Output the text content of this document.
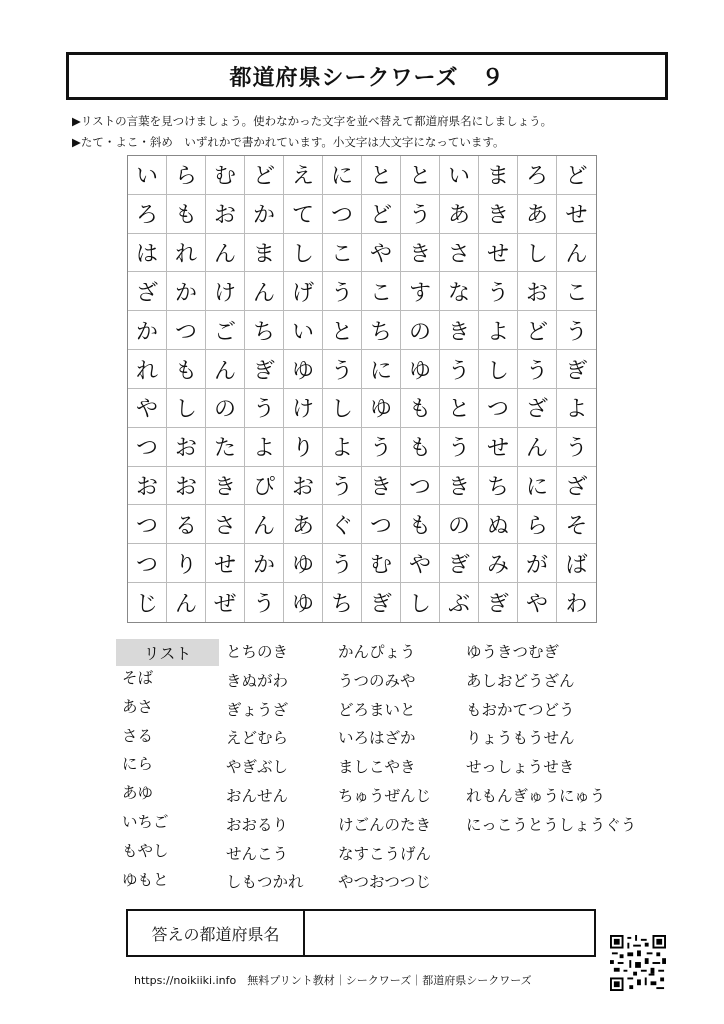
都道府県シークワーズ　９
▶リストの言葉を見つけましょう。使わなかった文字を並べ替えて都道府県名にしましょう。
▶たて・よこ・斜め　いずれかで書かれています。小文字は大文字になっています。
い ら む ど え に と と い ま ろ ど
ろ も お か て つ ど う あ き あ せ
は れ ん ま し こ や き さ せ し ん
ざ か け ん げ う こ す な う お こ
か つ ご ち い と ち の き よ ど う
れ も ん ぎ ゆ う に ゆ う し う ぎ
や し の う け し ゆ も と つ ざ よ
つ お た よ り よ う も う せ ん う
お お き ぴ お う き つ き ち に ざ
つ る さ ん あ ぐ つ も の ぬ ら そ
つ り せ か ゆ う む や ぎ み が ば
じ ん ぜ う ゆ ち ぎ し ぶ ぎ や わ
リスト
そば
あさ
さる
にら
あゆ
いちご
もやし
ゆもと
とちのき
きぬがわ
ぎょうざ
えどむら
やぎぶし
おんせん
おおるり
せんこう
しもつかれ
かんぴょう
うつのみや
どろまいと
いろはざか
ましこやき
ちゅうぜんじ
けごんのたき
なすこうげん
やつおつつじ
ゆうきつむぎ
あしおどうざん
もおかてつどう
りょうもうせん
せっしょうせき
れもんぎゅうにゅう
にっこうとうしょうぐう
答えの都道府県名
https://noikiiki.info　無料プリント教材｜シークワーズ｜都道府県シークワーズ
